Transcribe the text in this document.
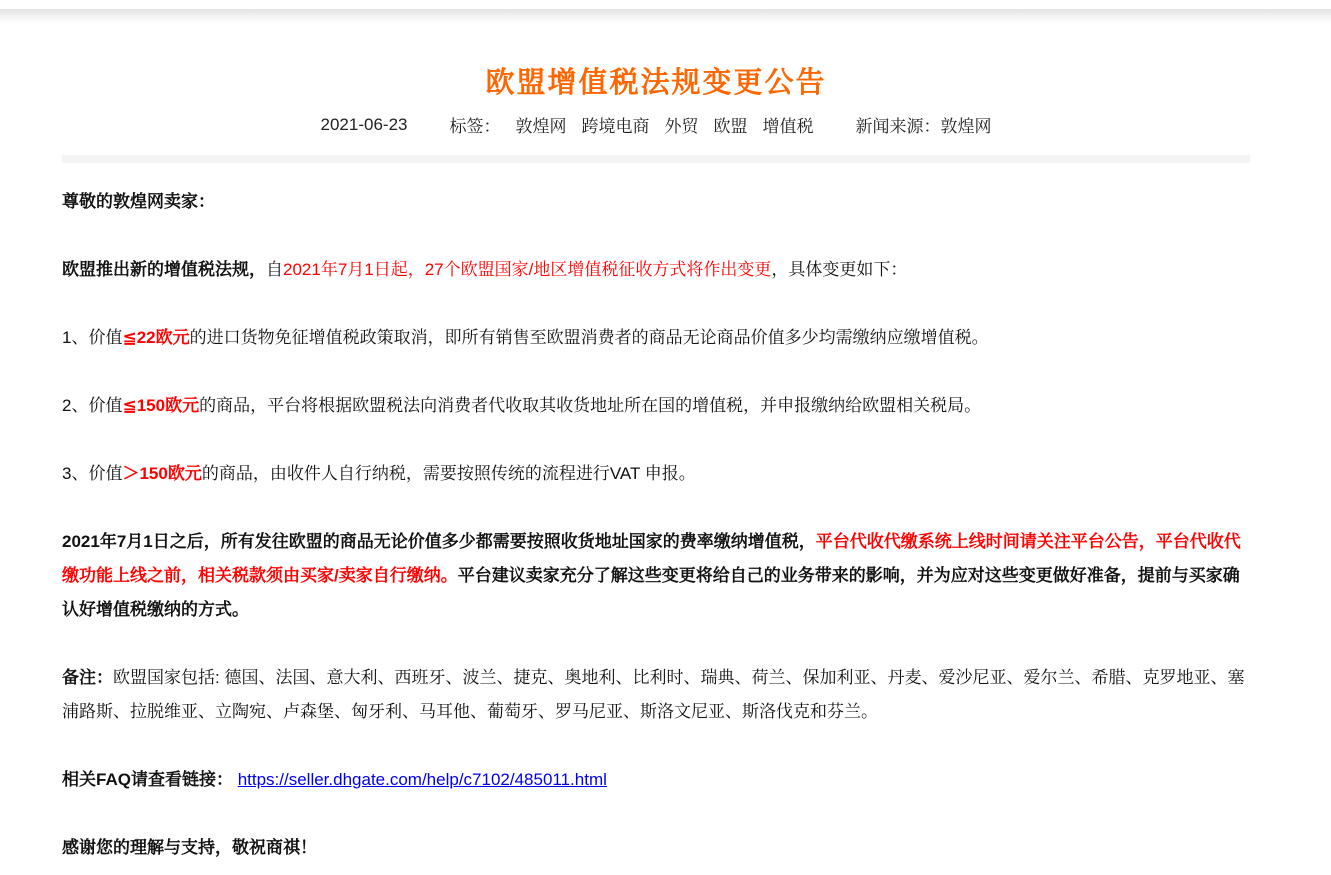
欧盟增值税法规变更公告
2021-06-23 标签： 敦煌网 跨境电商 外贸 欧盟 增值税 新闻来源：敦煌网

尊敬的敦煌网卖家：

欧盟推出新的增值税法规，自2021年7月1日起，27个欧盟国家/地区增值税征收方式将作出变更，具体变更如下：

1、价值≦22欧元的进口货物免征增值税政策取消，即所有销售至欧盟消费者的商品无论商品价值多少均需缴纳应缴增值税。

2、价值≦150欧元的商品，平台将根据欧盟税法向消费者代收取其收货地址所在国的增值税，并申报缴纳给欧盟相关税局。

3、价值＞150欧元的商品，由收件人自行纳税，需要按照传统的流程进行VAT 申报。

2021年7月1日之后，所有发往欧盟的商品无论价值多少都需要按照收货地址国家的费率缴纳增值税，平台代收代缴系统上线时间请关注平台公告，平台代收代缴功能上线之前，相关税款须由买家/卖家自行缴纳。平台建议卖家充分了解这些变更将给自己的业务带来的影响，并为应对这些变更做好准备，提前与买家确认好增值税缴纳的方式。

备注：欧盟国家包括: 德国、法国、意大利、西班牙、波兰、捷克、奥地利、比利时、瑞典、荷兰、保加利亚、丹麦、爱沙尼亚、爱尔兰、希腊、克罗地亚、塞浦路斯、拉脱维亚、立陶宛、卢森堡、匈牙利、马耳他、葡萄牙、罗马尼亚、斯洛文尼亚、斯洛伐克和芬兰。

相关FAQ请查看链接： https://seller.dhgate.com/help/c7102/485011.html

感谢您的理解与支持，敬祝商祺！
